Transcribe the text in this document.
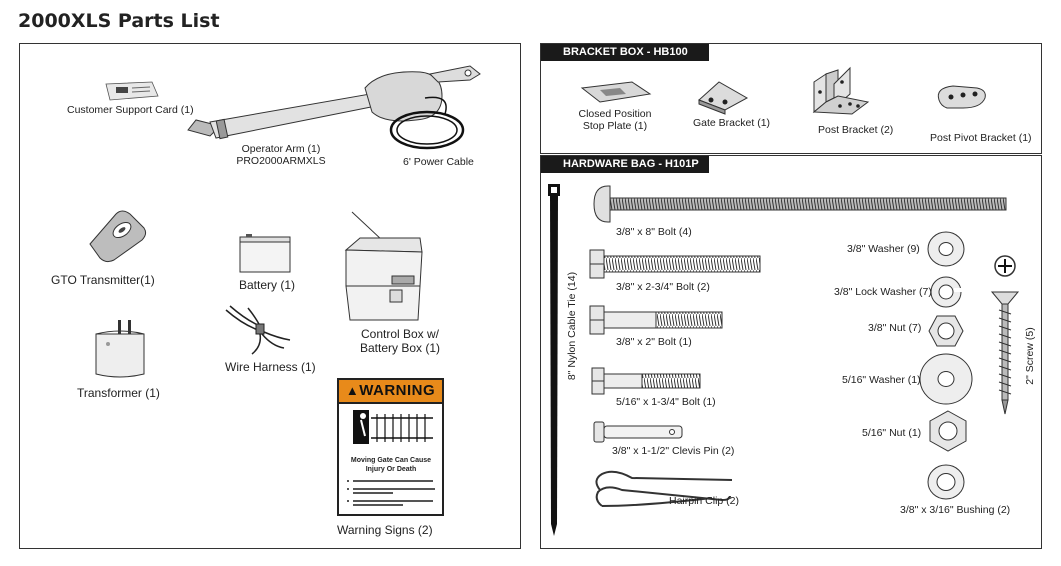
2000XLS Parts List
Customer Support Card (1)
Operator Arm (1)
PRO2000ARMXLS	6' Power Cable
GTO Transmitter(1)	Battery (1)
Control Box w/
Battery Box (1)
Wire Harness (1)
Transformer (1)	▲WARNING
Moving Gate Can Cause
Injury Or Death
Warning Signs (2)
BRACKET BOX - HB100
Closed Position
Stop Plate (1)	Gate Bracket (1)
Post Bracket (2)
Post Pivot Bracket (1)
HARDWARE BAG - H101P
8" Nylon Cable Tie (14)
3/8" x 8" Bolt (4)
3/8" x 2-3/4" Bolt (2)
3/8" x 2" Bolt (1)
5/16" x 1-3/4" Bolt (1)
3/8" x 1-1/2" Clevis Pin (2)
Hairpin Clip (2)
3/8" Washer (9)
3/8" Lock Washer (7)
3/8" Nut (7)
5/16" Washer (1)
5/16" Nut (1)
3/8" x 3/16" Bushing (2)
2" Screw (5)
